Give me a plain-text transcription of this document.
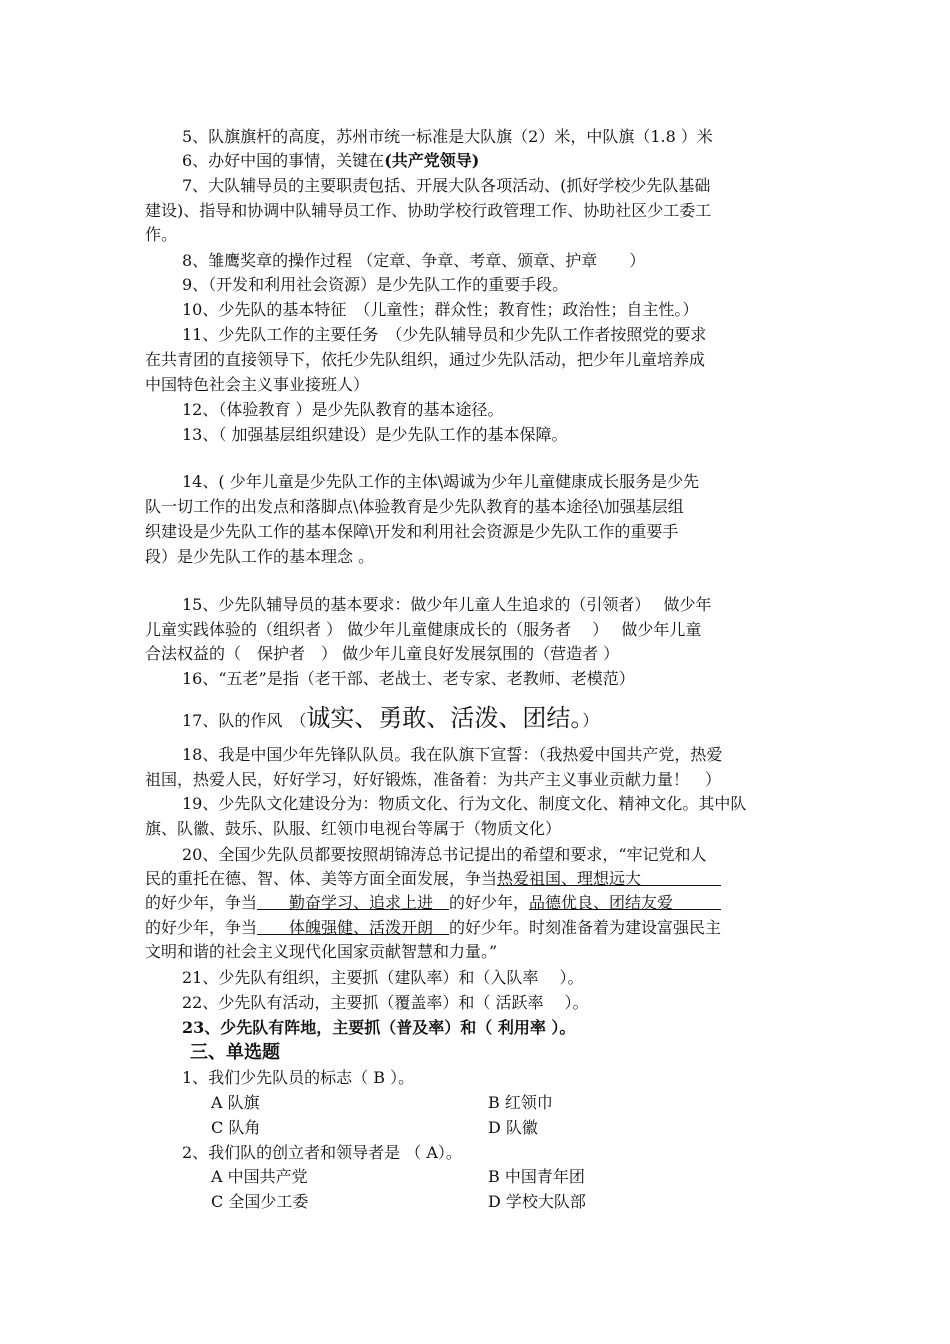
5、队旗旗杆的高度，苏州市统一标准是大队旗（2）米，中队旗（1.8 ）米
6、办好中国的事情，关键在(共产党领导)
7、大队辅导员的主要职责包括、开展大队各项活动、(抓好学校少先队基础
建设)、指导和协调中队辅导员工作、协助学校行政管理工作、协助社区少工委工
作。
8、雏鹰奖章的操作过程 （定章、争章、考章、颁章、护章　　）
9、（开发和利用社会资源）是少先队工作的重要手段。
10、少先队的基本特征　（儿童性；群众性；教育性；政治性；自主性。）
11、少先队工作的主要任务　（少先队辅导员和少先队工作者按照党的要求
在共青团的直接领导下，依托少先队组织，通过少先队活动，把少年儿童培养成
中国特色社会主义事业接班人）
12、（体验教育 ）是少先队教育的基本途径。
13、（ 加强基层组织建设）是少先队工作的基本保障。
14、( 少年儿童是少先队工作的主体\竭诚为少年儿童健康成长服务是少先
队一切工作的出发点和落脚点\体验教育是少先队教育的基本途径\加强基层组
织建设是少先队工作的基本保障\开发和利用社会资源是少先队工作的重要手
段）是少先队工作的基本理念 。
15、少先队辅导员的基本要求：做少年儿童人生追求的（引领者）　 做少年
儿童实践体验的（组织者 ） 做少年儿童健康成长的（服务者　 ）　 做少年儿童
合法权益的（　保护者　） 做少年儿童良好发展氛围的（营造者 ）
16、“五老”是指（老干部、老战士、老专家、老教师、老模范）
17、队的作风　（诚实、勇敢、活泼、团结。）
18、我是中国少年先锋队队员。我在队旗下宣誓：（我热爱中国共产党，热爱
祖国，热爱人民，好好学习，好好锻炼，准备着：为共产主义事业贡献力量！　）
19、少先队文化建设分为：物质文化、行为文化、制度文化、精神文化。其中队
旗、队徽、鼓乐、队服、红领巾电视台等属于（物质文化）
20、全国少先队员都要按照胡锦涛总书记提出的希望和要求，“牢记党和人
民的重托在德、智、体、美等方面全面发展，争当热爱祖国、理想远大　　　　　
的好少年，争当　　勤奋学习、追求上进　的好少年，品德优良、团结友爱　　　
的好少年，争当　　体魄强健、活泼开朗　的好少年。时刻准备着为建设富强民主
文明和谐的社会主义现代化国家贡献智慧和力量。”
21、少先队有组织，主要抓（建队率）和（入队率　 ）。
22、少先队有活动，主要抓（覆盖率）和（ 活跃率　 ）。
23、少先队有阵地，主要抓（普及率）和（ 利用率 ）。
三、单选题
1、我们少先队员的标志（ B ）。
A 队旗	B 红领巾
C 队角	D 队徽
2、我们队的创立者和领导者是 （ A）。
A 中国共产党	B 中国青年团
C 全国少工委	D 学校大队部
